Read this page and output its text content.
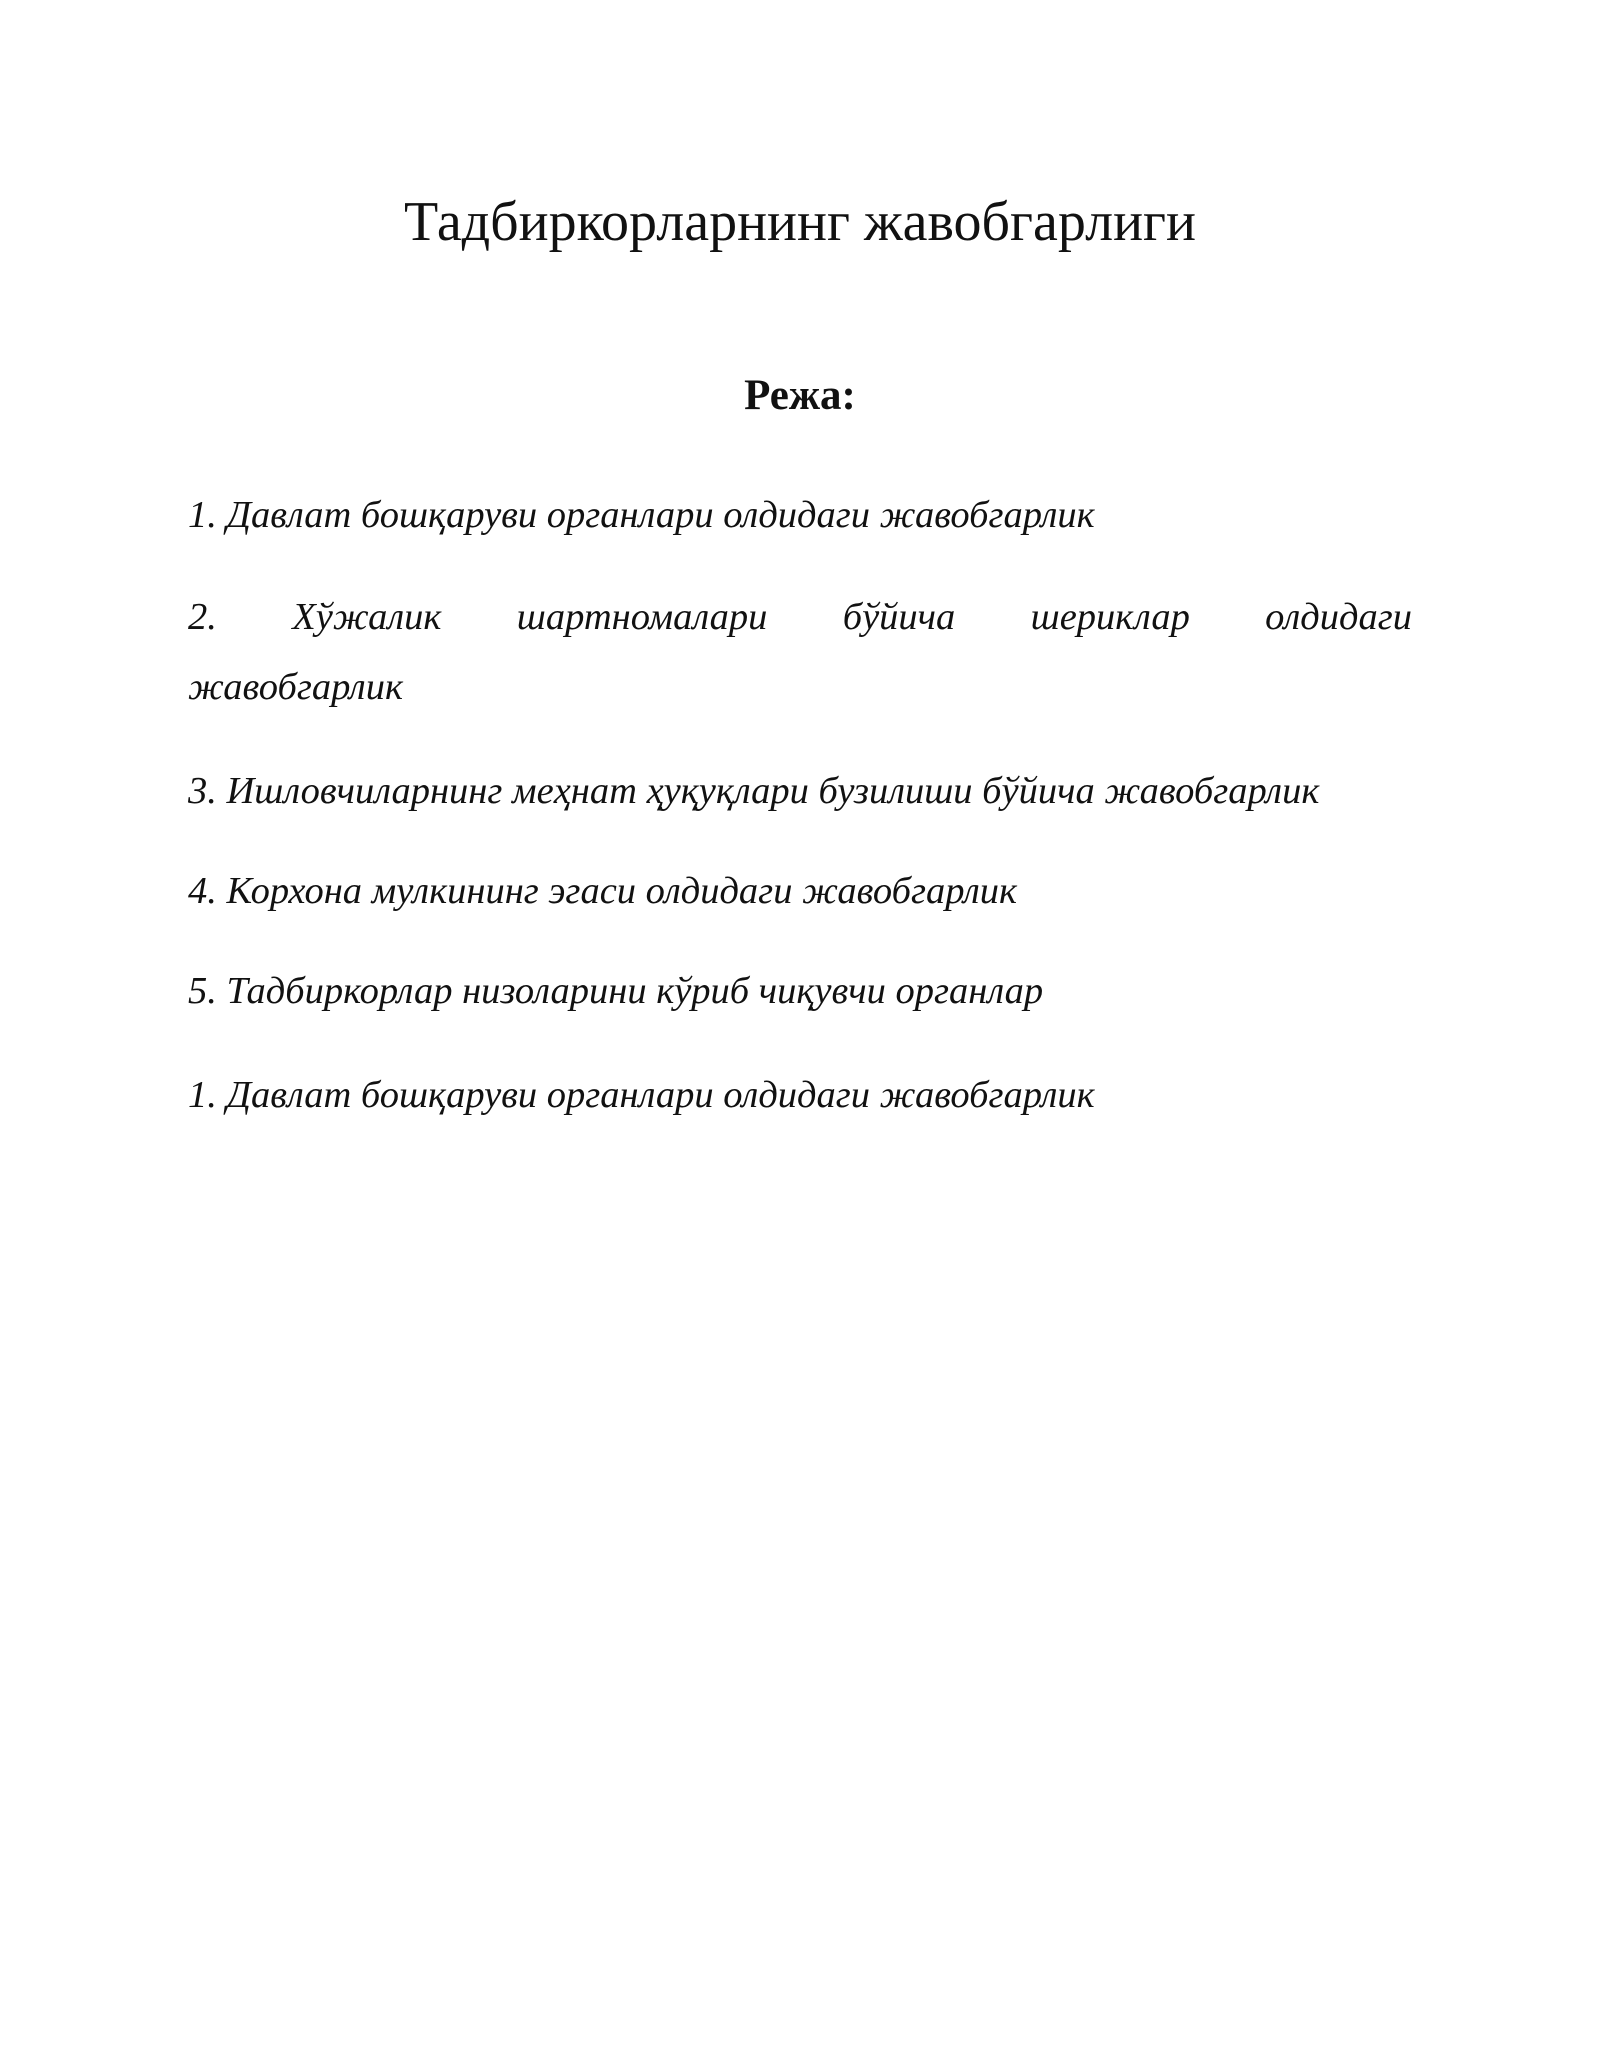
Тадбиркорларнинг жавобгарлиги
Режа:
1. Давлат бошқаруви органлари олдидаги жавобгарлик
2. Хўжалик шартномалари бўйича шериклар олдидаги
жавобгарлик
3. Ишловчиларнинг меҳнат ҳуқуқлари бузилиши бўйича жавобгарлик
4. Корхона мулкининг эгаси олдидаги жавобгарлик
5. Тадбиркорлар низоларини кўриб чиқувчи органлар
1. Давлат бошқаруви органлари олдидаги жавобгарлик
